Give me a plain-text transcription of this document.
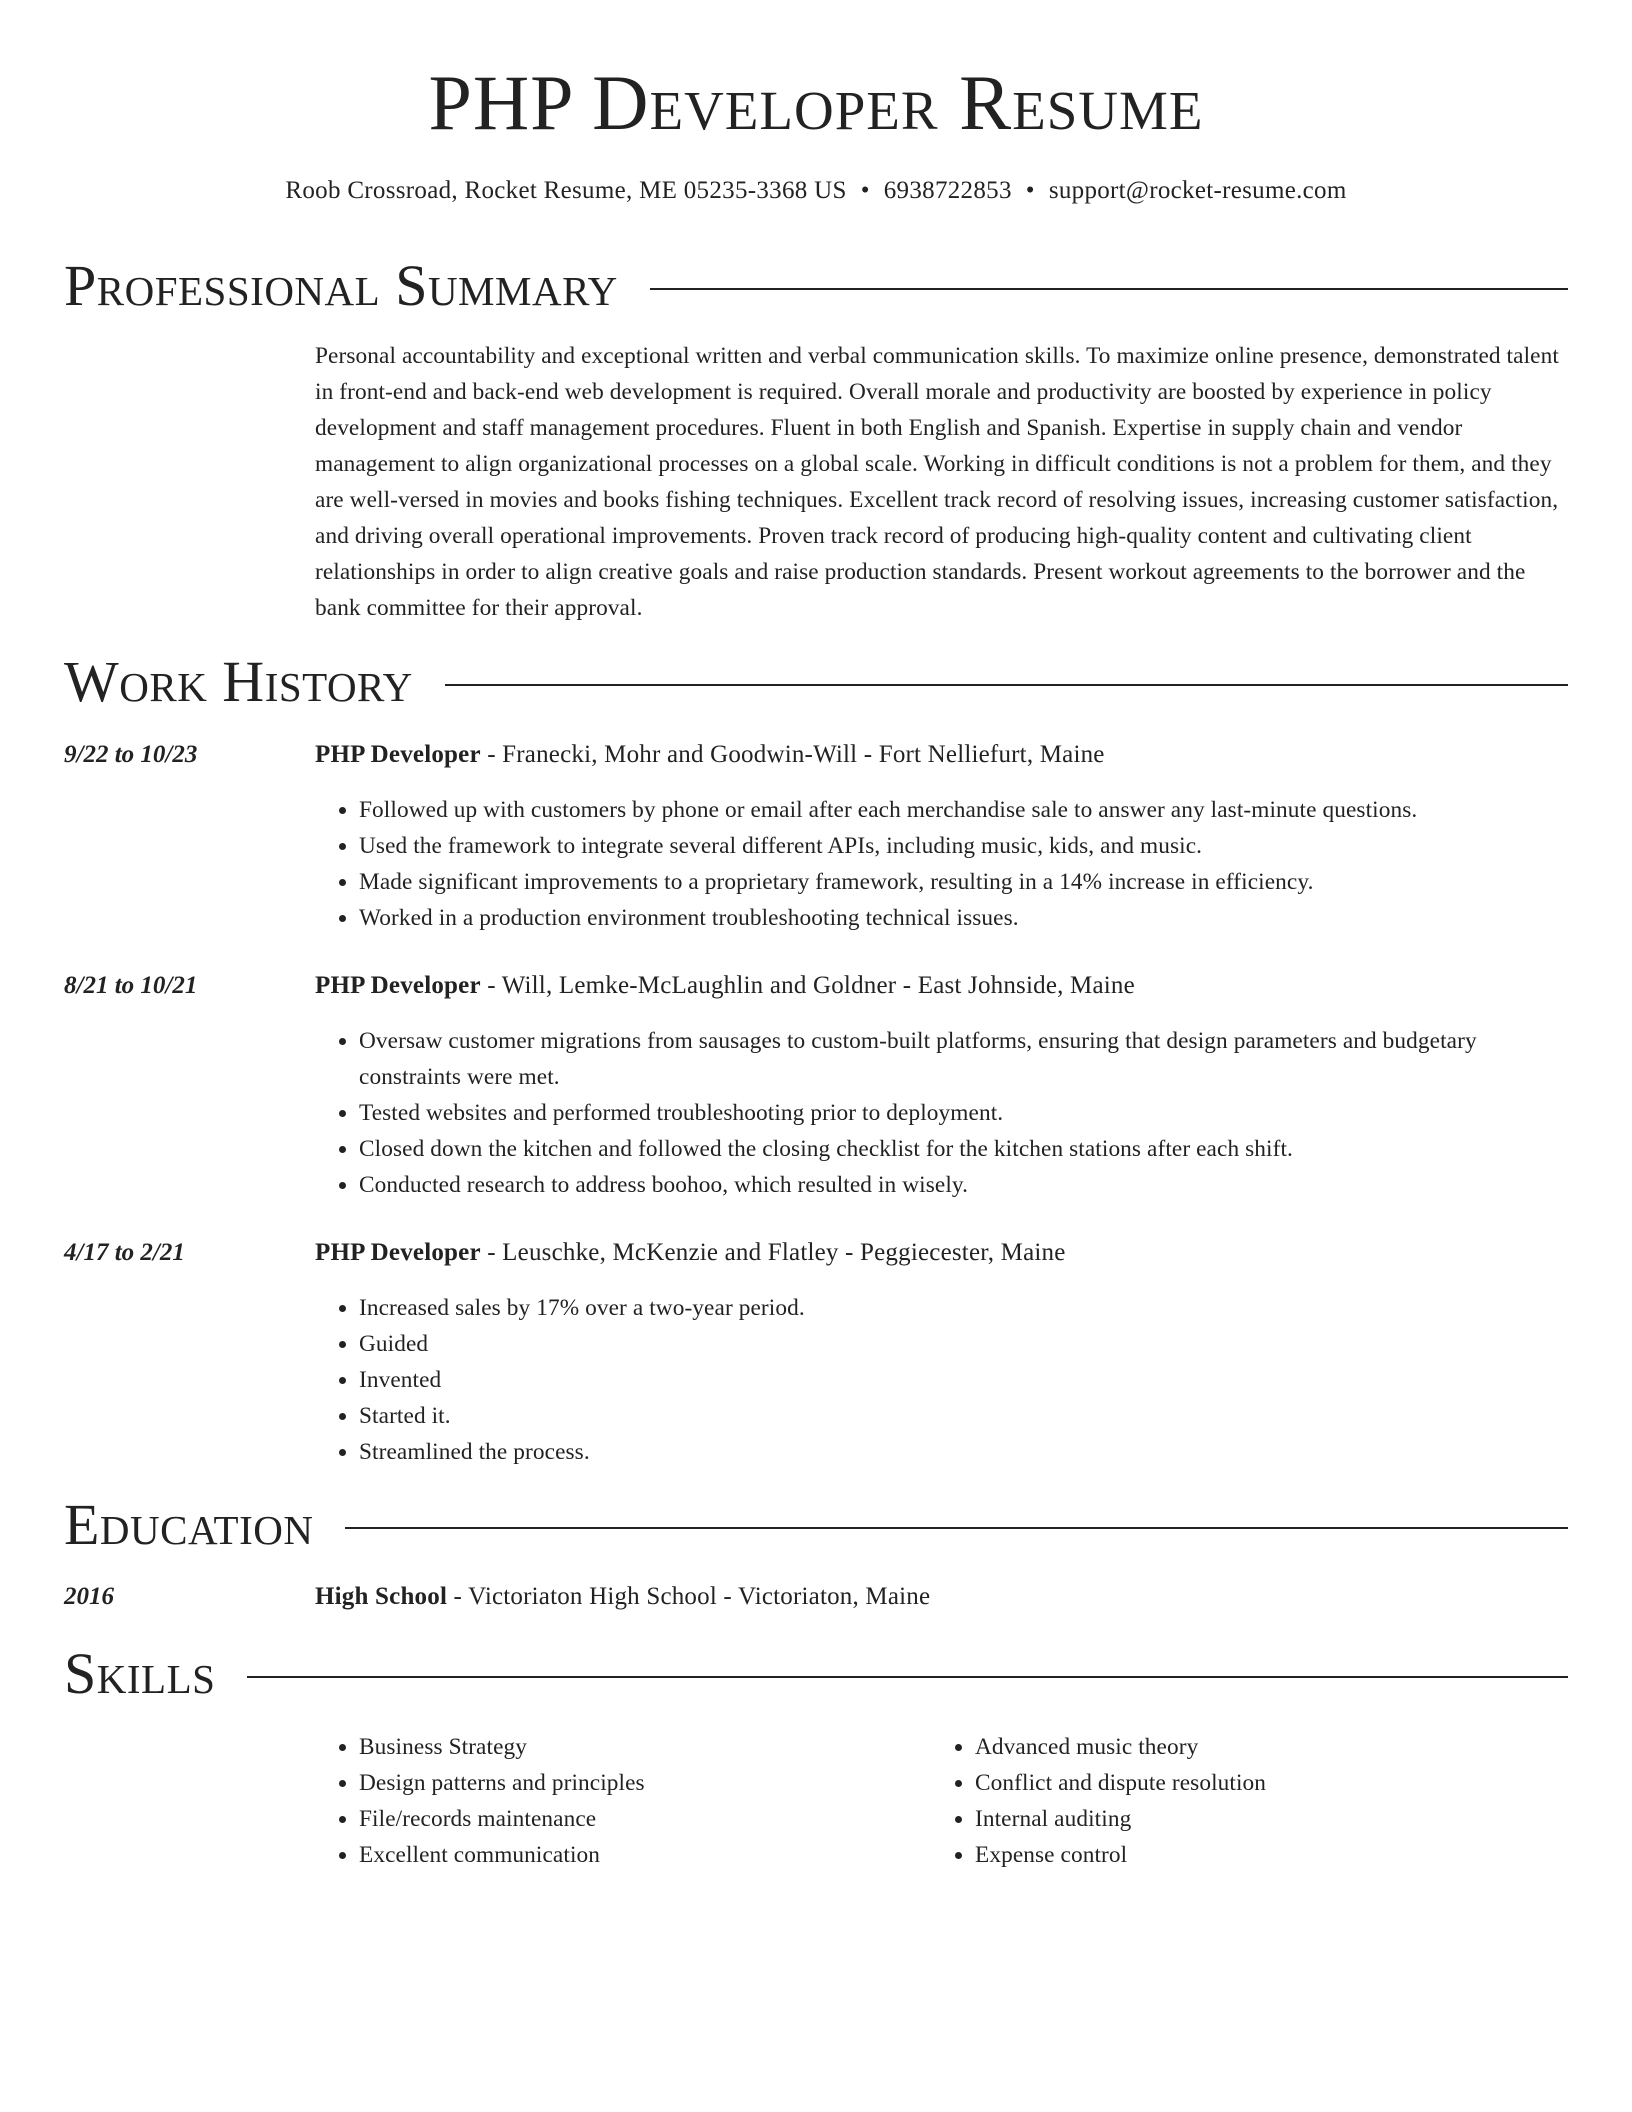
PHP Developer Resume
Roob Crossroad, Rocket Resume, ME 05235-3368 US • 6938722853 • support@rocket-resume.com
Professional Summary
Personal accountability and exceptional written and verbal communication skills. To maximize online presence, demonstrated talent in front-end and back-end web development is required. Overall morale and productivity are boosted by experience in policy development and staff management procedures. Fluent in both English and Spanish. Expertise in supply chain and vendor management to align organizational processes on a global scale. Working in difficult conditions is not a problem for them, and they are well-versed in movies and books fishing techniques. Excellent track record of resolving issues, increasing customer satisfaction, and driving overall operational improvements. Proven track record of producing high-quality content and cultivating client relationships in order to align creative goals and raise production standards. Present workout agreements to the borrower and the bank committee for their approval.
Work History
9/22 to 10/23	PHP Developer - Franecki, Mohr and Goodwin-Will - Fort Nelliefurt, Maine
• Followed up with customers by phone or email after each merchandise sale to answer any last-minute questions.
• Used the framework to integrate several different APIs, including music, kids, and music.
• Made significant improvements to a proprietary framework, resulting in a 14% increase in efficiency.
• Worked in a production environment troubleshooting technical issues.
8/21 to 10/21	PHP Developer - Will, Lemke-McLaughlin and Goldner - East Johnside, Maine
• Oversaw customer migrations from sausages to custom-built platforms, ensuring that design parameters and budgetary constraints were met.
• Tested websites and performed troubleshooting prior to deployment.
• Closed down the kitchen and followed the closing checklist for the kitchen stations after each shift.
• Conducted research to address boohoo, which resulted in wisely.
4/17 to 2/21	PHP Developer - Leuschke, McKenzie and Flatley - Peggiecester, Maine
• Increased sales by 17% over a two-year period.
• Guided
• Invented
• Started it.
• Streamlined the process.
Education
2016	High School - Victoriaton High School - Victoriaton, Maine
Skills
• Business Strategy
• Design patterns and principles
• File/records maintenance
• Excellent communication
• Advanced music theory
• Conflict and dispute resolution
• Internal auditing
• Expense control
